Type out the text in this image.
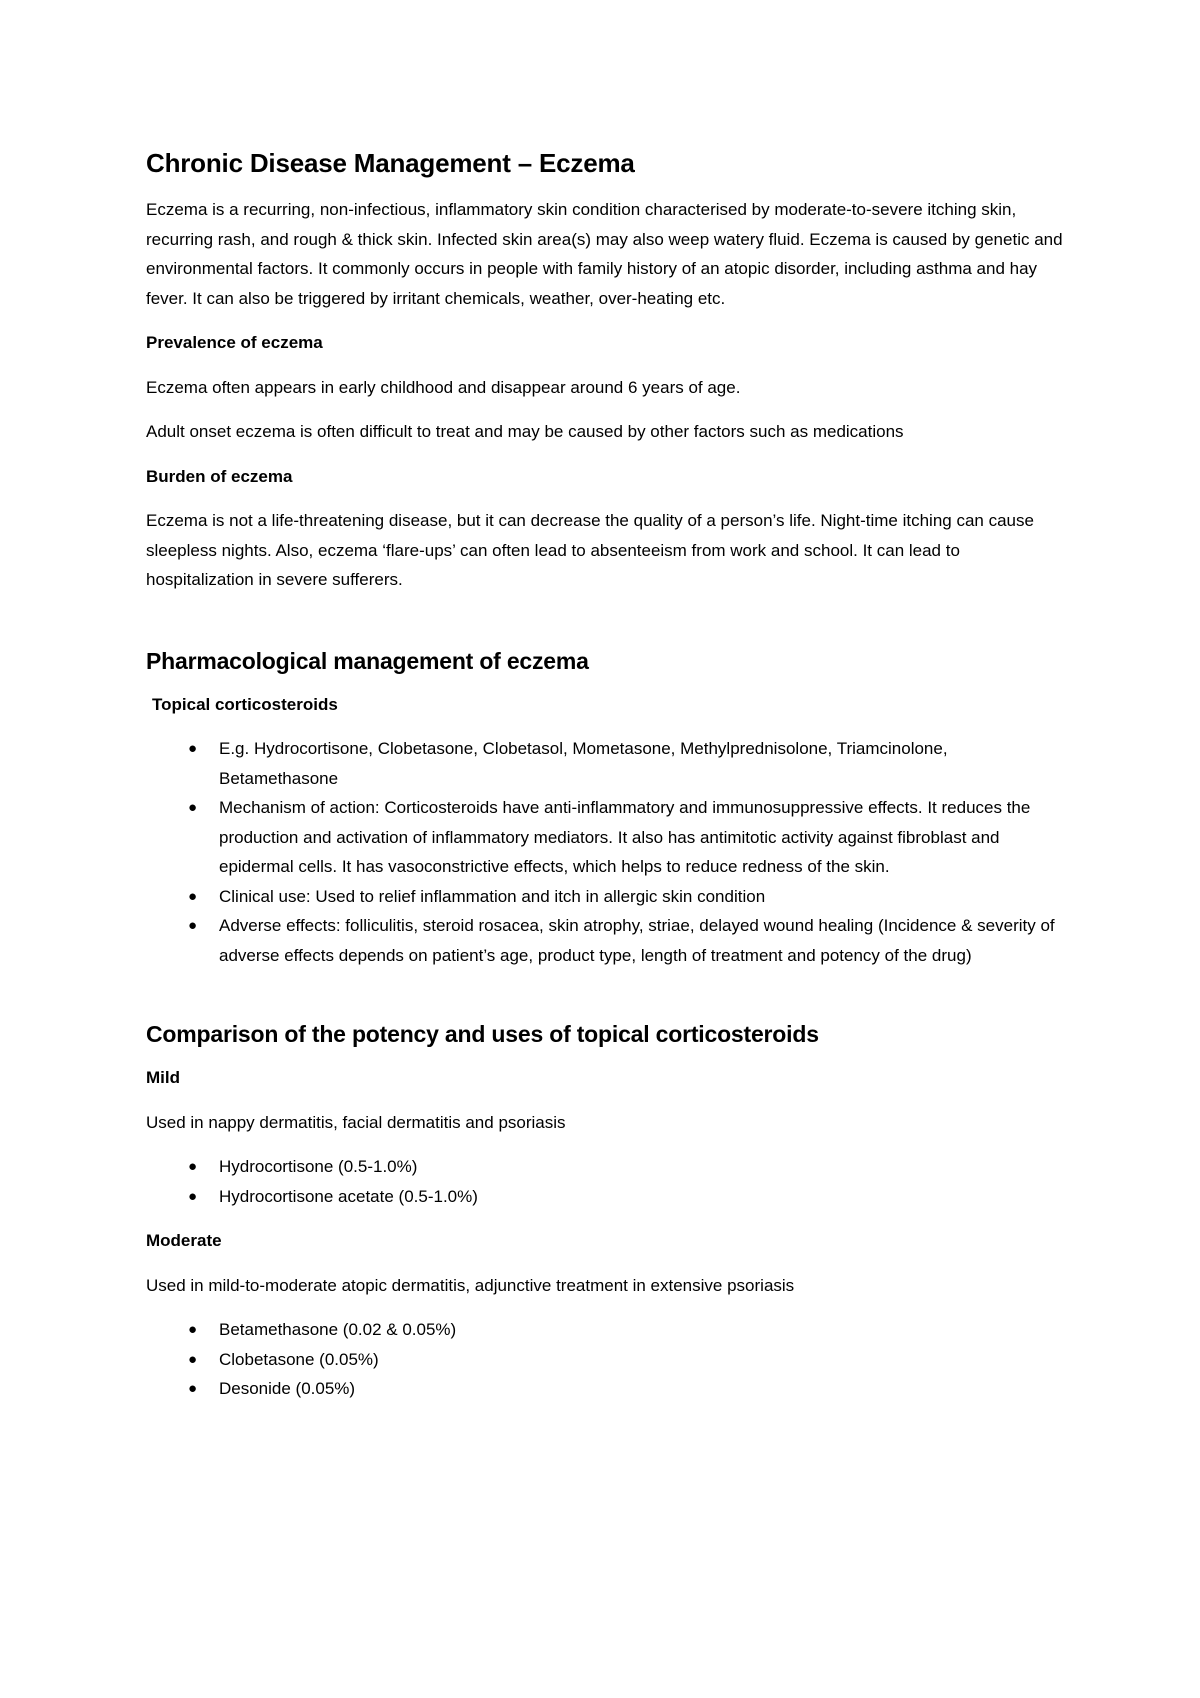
Chronic Disease Management – Eczema

Eczema is a recurring, non-infectious, inflammatory skin condition characterised by moderate-to-severe itching skin, recurring rash, and rough & thick skin. Infected skin area(s) may also weep watery fluid. Eczema is caused by genetic and environmental factors. It commonly occurs in people with family history of an atopic disorder, including asthma and hay fever. It can also be triggered by irritant chemicals, weather, over-heating etc.

Prevalence of eczema

Eczema often appears in early childhood and disappear around 6 years of age.

Adult onset eczema is often difficult to treat and may be caused by other factors such as medications

Burden of eczema

Eczema is not a life-threatening disease, but it can decrease the quality of a person’s life. Night-time itching can cause sleepless nights. Also, eczema ‘flare-ups’ can often lead to absenteeism from work and school. It can lead to hospitalization in severe sufferers.

Pharmacological management of eczema
Topical corticosteroids
● E.g. Hydrocortisone, Clobetasone, Clobetasol, Mometasone, Methylprednisolone, Triamcinolone, Betamethasone
● Mechanism of action: Corticosteroids have anti-inflammatory and immunosuppressive effects. It reduces the production and activation of inflammatory mediators. It also has antimitotic activity against fibroblast and epidermal cells. It has vasoconstrictive effects, which helps to reduce redness of the skin.
● Clinical use: Used to relief inflammation and itch in allergic skin condition
● Adverse effects: folliculitis, steroid rosacea, skin atrophy, striae, delayed wound healing (Incidence & severity of adverse effects depends on patient’s age, product type, length of treatment and potency of the drug)
Comparison of the potency and uses of topical corticosteroids
Mild

Used in nappy dermatitis, facial dermatitis and psoriasis

● Hydrocortisone (0.5-1.0%)
● Hydrocortisone acetate (0.5-1.0%)
Moderate

Used in mild-to-moderate atopic dermatitis, adjunctive treatment in extensive psoriasis

● Betamethasone (0.02 & 0.05%)
● Clobetasone (0.05%)
● Desonide (0.05%)
